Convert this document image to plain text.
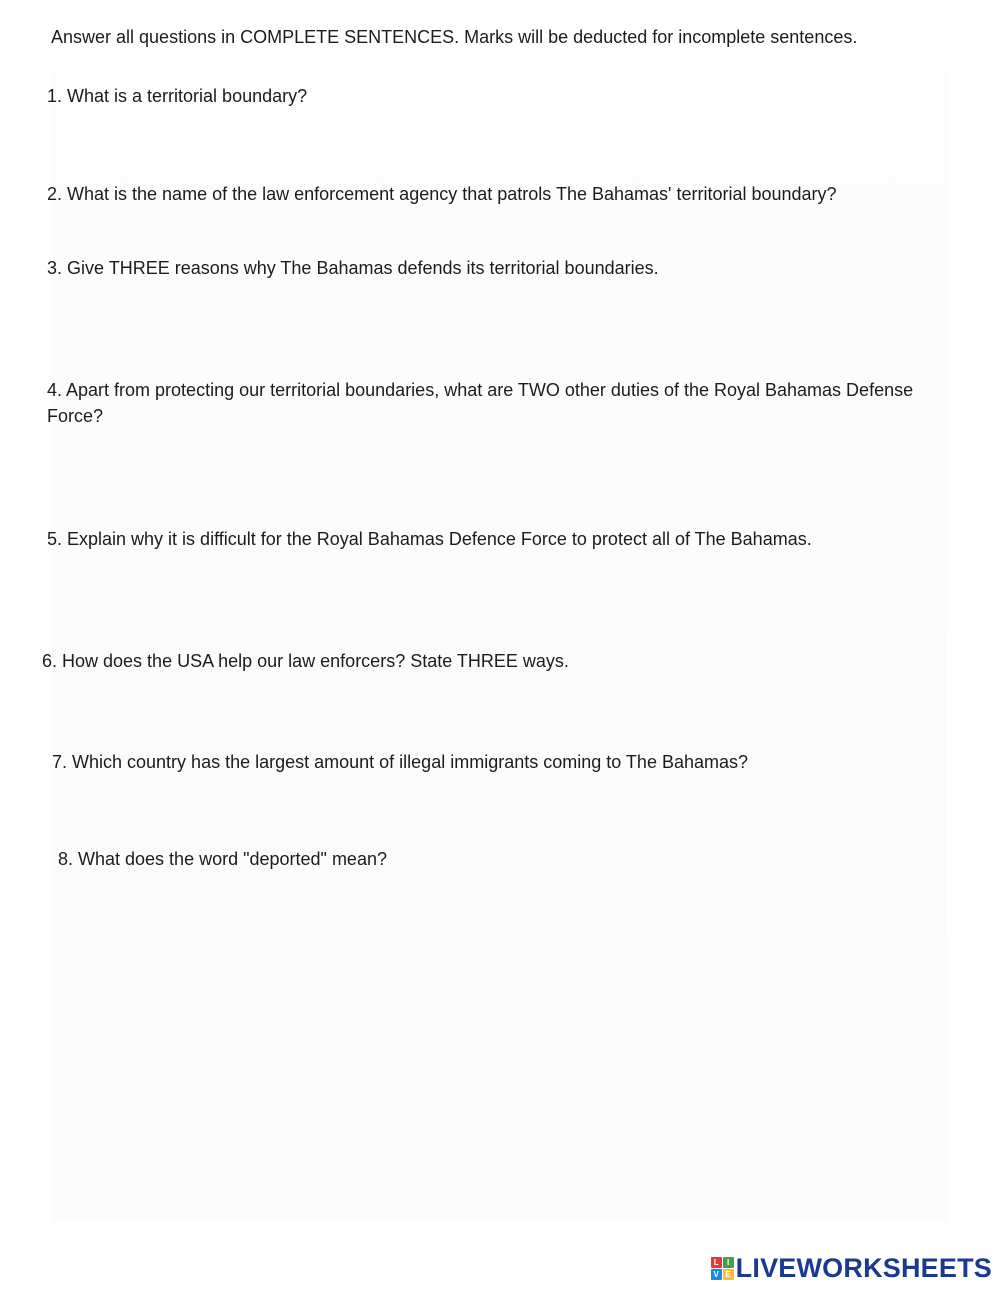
Answer all questions in COMPLETE SENTENCES. Marks will be deducted for incomplete sentences.

1. What is a territorial boundary?

2. What is the name of the law enforcement agency that patrols The Bahamas' territorial boundary?

3. Give THREE reasons why The Bahamas defends its territorial boundaries.

4. Apart from protecting our territorial boundaries, what are TWO other duties of the Royal Bahamas Defense Force?

5. Explain why it is difficult for the Royal Bahamas Defence Force to protect all of The Bahamas.

6. How does the USA help our law enforcers? State THREE ways.

7. Which country has the largest amount of illegal immigrants coming to The Bahamas?

8. What does the word "deported" mean?

L	I
V E LIVEWORKSHEETS
